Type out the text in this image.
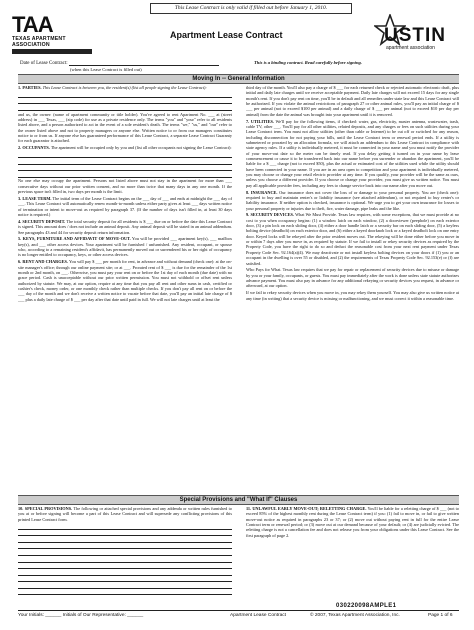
This Lease Contract is only valid if filled out before January 1, 2010.
TAA
TEXAS APARTMENT ASSOCIATION
Apartment Lease Contract	USTIN
apartment association
Date of Lease Contract:
(when this Lease Contract is filled out)
This is a binding contract. Read carefully before signing.
Moving In -- General Information

1. PARTIES. This Lease Contract is between you, the resident(s) (list all people signing the Lease Contract):

and us, the owner: (name of apartment community or title holder). You've agreed to rent Apartment No. ___ at (street address) in ___ Texas, ___ (zip code) for use as a private residence only. The terms "you" and "your" refer to all residents listed above, and a person authorized to act in the event of a sole resident's death. The terms "we," "us," and "our" refer to the owner listed above and not to property managers or anyone else. Written notice to or from our managers constitutes notice to or from us. If anyone else has guaranteed performance of this Lease Contract, a separate Lease Contract Guaranty for each guarantor is attached.

2. OCCUPANTS. The apartment will be occupied only by you and (list all other occupants not signing the Lease Contract):

No one else may occupy the apartment. Persons not listed above must not stay in the apartment for more than ___ consecutive days without our prior written consent, and no more than twice that many days in any one month. If the previous space isn't filled in, two days per month is the limit.

3. LEASE TERM. The initial term of the Lease Contract begins on the ___ day of ___ and ends at midnight the ___ day of ___. This Lease Contract will automatically renew month-to-month unless either party gives at least ___ days written notice of termination or intent to move-out as required by paragraph 37. (If the number of days isn't filled in, at least 30 days notice is required.)

4. SECURITY DEPOSIT. The total security deposit for all residents is $ ___ due on or before the date this Lease Contract is signed. This amount does / does not include an animal deposit. Any animal deposit will be stated in an animal addendum. See paragraphs 43 and 44 for security deposit return information.

5. KEYS, FURNITURE AND AFFIDAVIT OF MOVE-OUT. You will be provided ___ apartment key(s), ___ mailbox key(s), and ___ other access devices. Your apartment will be furnished / unfurnished. Any resident, occupant, or spouse who, according to a remaining resident's affidavit, has permanently moved out or surrendered his or her right of occupancy is no longer entitled to occupancy, keys, or other access devices.

6. RENT AND CHARGES. You will pay $ ___ per month for rent, in advance and without demand (check one): at the on-site manager's office; through our online payment site; or at ___. Prorated rent of $ ___ is due for the remainder of the 1st month or 2nd month, on ___. Otherwise, you must pay your rent on or before the 1st day of each month (due date) with no grace period. Cash is unacceptable without our prior written permission. You must not withhold or offset rent unless authorized by statute. We may, at our option, require at any time that you pay all rent and other sums in cash, certified or cashier's check, money order, or one monthly check rather than multiple checks. If you don't pay all rent on or before the ___ day of the month and we don't receive a written notice to vacate before that date, you'll pay an initial late charge of $ ___ plus a daily late charge of $ ___ per day after that date until paid in full. We will not late charges until at least the

third day of the month. You'll also pay a charge of $ ___ for each returned check or rejected automatic electronic draft, plus initial and daily late charges until we receive acceptable payment. Daily late charges will not exceed 15 days for any single month's rent. If you don't pay rent on time, you'll be in default and all remedies under state law and this Lease Contract will be authorized. If you violate the animal restrictions of paragraph 27 or other animal rules, you'll pay an initial charge of $ ___ per animal (not to exceed $100 per animal) and a daily charge of $ ___ per animal (not to exceed $10 per day per animal) from the date the animal was brought into your apartment until it is removed.

7. UTILITIES. We'll pay for the following items, if checked: water, gas, electricity, master antenna, wastewater, trash, cable TV, other ___. You'll pay for all other utilities, related deposits, and any charges or fees on such utilities during your Lease Contract term. You must not allow utilities (other than cable or Internet) to be cut off or switched for any reason, including disconnection for not paying your bills, until the Lease Contract term or renewal period ends. If a utility is submetered or prorated by an allocation formula, we will attach an addendum to this Lease Contract in compliance with state agency rules. If a utility is individually metered, it must be connected in your name and you must notify the provider of your move-out date so the meter can be timely read. If you delay getting it turned on in your name by lease commencement or cause it to be transferred back into our name before you surrender or abandon the apartment, you'll be liable for a $ ___ charge (not to exceed $50), plus the actual or estimated cost of the utilities used while the utility should have been connected in your name. If you are in an area open to competition and your apartment is individually metered, you may choose or change your retail electric provider at any time. If you qualify, your provider will be the same as ours, unless you choose a different provider. If you choose or change your provider, you must give us written notice. You must pay all applicable provider fees, including any fees to change service back into our name after you move out.

8. INSURANCE. Our insurance does not cover the loss of or damage to your personal property. You are (check one): required to buy and maintain renter's or liability insurance (see attached addendum), or not required to buy renter's or liability insurance. If neither option is checked, insurance is optional. We urge you to get your own insurance for losses to your personal property or injuries due to theft, fire, water damage, pipe leaks and the like.

9. SECURITY DEVICES. What We Must Provide. Texas law requires, with some exceptions, that we must provide at no cost to you when occupancy begins: (1) a window latch on each window, (2) a doorviewer (peephole) on each exterior door, (3) a pin lock on each sliding door, (4) either a door handle latch or a security bar on each sliding door, (5) a keyless bolting device (deadbolt) on each exterior door, and (6) either a keyed doorknob lock or a keyed deadbolt lock on one entry door. Keyed locks will be rekeyed after the prior resident moves out. The rekeying will be done either before you move in or within 7 days after you move in, as required by statute. If we fail to install or rekey security devices as required by the Property Code, you have the right to do so and deduct the reasonable cost from your next rent payment under Texas Property Code Sec. 92.164(a)(4). We may deactivate or not install keyless bolting devices on your doors if (1) you or an occupant in the dwelling is over 55 or disabled, and (2) the requirements of Texas Property Code Sec. 92.153(e) or (f) are satisfied.

Who Pays for What. Texas law requires that we pay for repair or replacement of security devices due to misuse or damage by you or your family, occupants, or guests. You must pay immediately after the work is done unless state statute authorizes advance payment. You must also pay in advance for any additional rekeying or security devices you request, in advance or afterward, at our option.

If we fail to rekey security devices when you move in, you may rekey them yourself. You may also give us written notice at any time (in writing) that a security device is missing or malfunctioning, and we must correct it within a reasonable time.

Special Provisions and "What If" Clauses

10. SPECIAL PROVISIONS. The following or attached special provisions and any addenda or written rules furnished to you at or before signing will become a part of this Lease Contract and will supersede any conflicting provisions of this printed Lease Contract form.

11. UNLAWFUL EARLY MOVE-OUT; RELETTING CHARGE. You'll be liable for a reletting charge of $ ___ (not to exceed 85% of the highest monthly rent during the Lease Contract term) if you: (1) fail to move in, or fail to give written move-out notice as required in paragraphs 23 or 37; or (2) move out without paying rent in full for the entire Lease Contract term or renewal period; or (3) move out at our demand because of your default; or (4) are judicially evicted. The reletting charge is not a cancellation fee and does not release you from your obligations under this Lease Contract. See the first paragraph of page 2.

030220098AMPLE1
Your Initials: ______ Initials of Our Representative: ______	Apartment Lease Contract	© 2007, Texas Apartment Association, Inc.	Page 1 of 6
